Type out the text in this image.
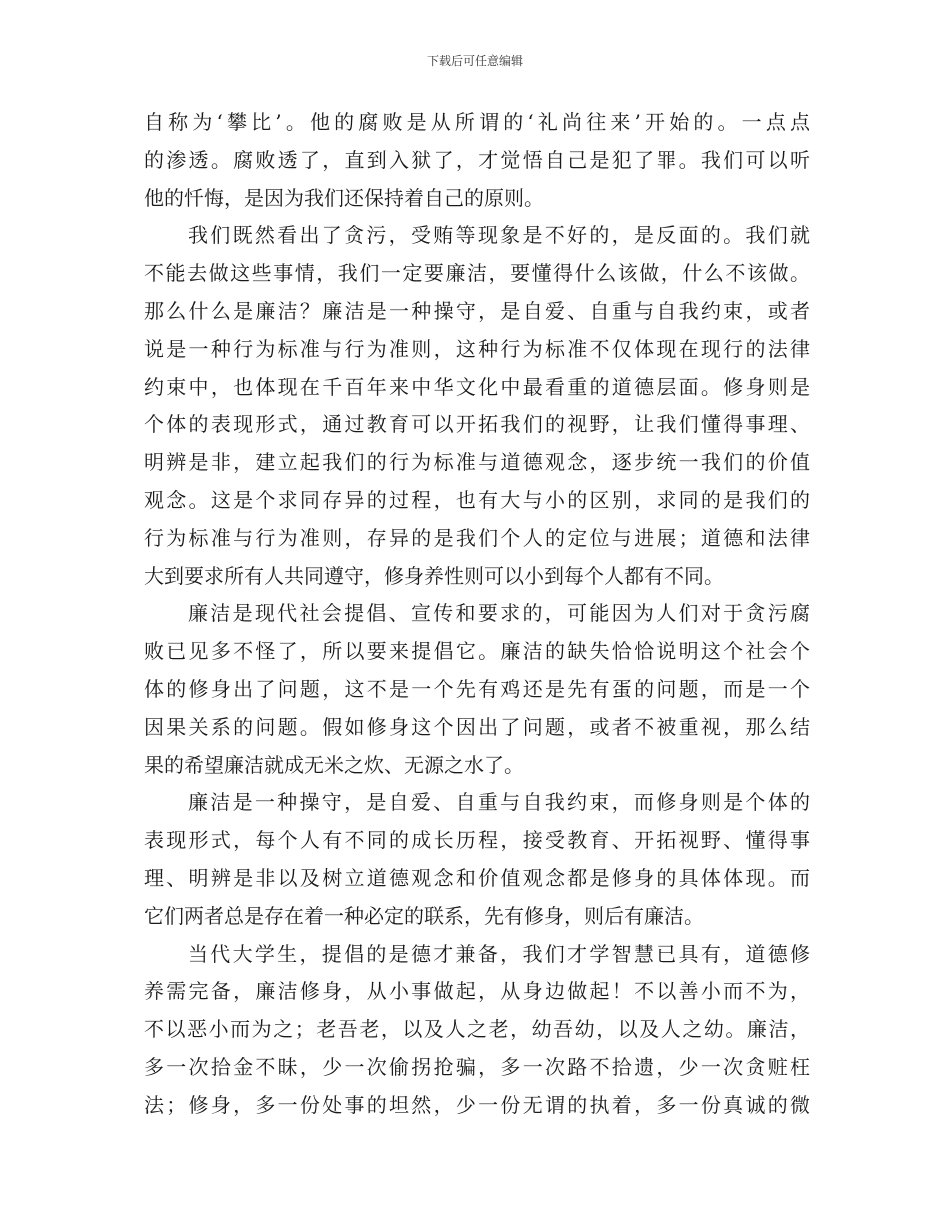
下载后可任意编辑
自称为‘攀比’。他的腐败是从所谓的‘礼尚往来’开始的。一点点
的渗透。腐败透了，直到入狱了，才觉悟自己是犯了罪。我们可以听
他的忏悔，是因为我们还保持着自己的原则。
我们既然看出了贪污，受贿等现象是不好的，是反面的。我们就
不能去做这些事情，我们一定要廉洁，要懂得什么该做，什么不该做。
那么什么是廉洁？廉洁是一种操守，是自爱、自重与自我约束，或者
说是一种行为标准与行为准则，这种行为标准不仅体现在现行的法律
约束中，也体现在千百年来中华文化中最看重的道德层面。修身则是
个体的表现形式，通过教育可以开拓我们的视野，让我们懂得事理、
明辨是非，建立起我们的行为标准与道德观念，逐步统一我们的价值
观念。这是个求同存异的过程，也有大与小的区别，求同的是我们的
行为标准与行为准则，存异的是我们个人的定位与进展；道德和法律
大到要求所有人共同遵守，修身养性则可以小到每个人都有不同。
廉洁是现代社会提倡、宣传和要求的，可能因为人们对于贪污腐
败已见多不怪了，所以要来提倡它。廉洁的缺失恰恰说明这个社会个
体的修身出了问题，这不是一个先有鸡还是先有蛋的问题，而是一个
因果关系的问题。假如修身这个因出了问题，或者不被重视，那么结
果的希望廉洁就成无米之炊、无源之水了。
廉洁是一种操守，是自爱、自重与自我约束，而修身则是个体的
表现形式，每个人有不同的成长历程，接受教育、开拓视野、懂得事
理、明辨是非以及树立道德观念和价值观念都是修身的具体体现。而
它们两者总是存在着一种必定的联系，先有修身，则后有廉洁。
当代大学生，提倡的是德才兼备，我们才学智慧已具有，道德修
养需完备，廉洁修身，从小事做起，从身边做起！不以善小而不为，
不以恶小而为之；老吾老，以及人之老，幼吾幼，以及人之幼。廉洁，
多一次拾金不昧，少一次偷拐抢骗，多一次路不拾遗，少一次贪赃枉
法；修身，多一份处事的坦然，少一份无谓的执着，多一份真诚的微
